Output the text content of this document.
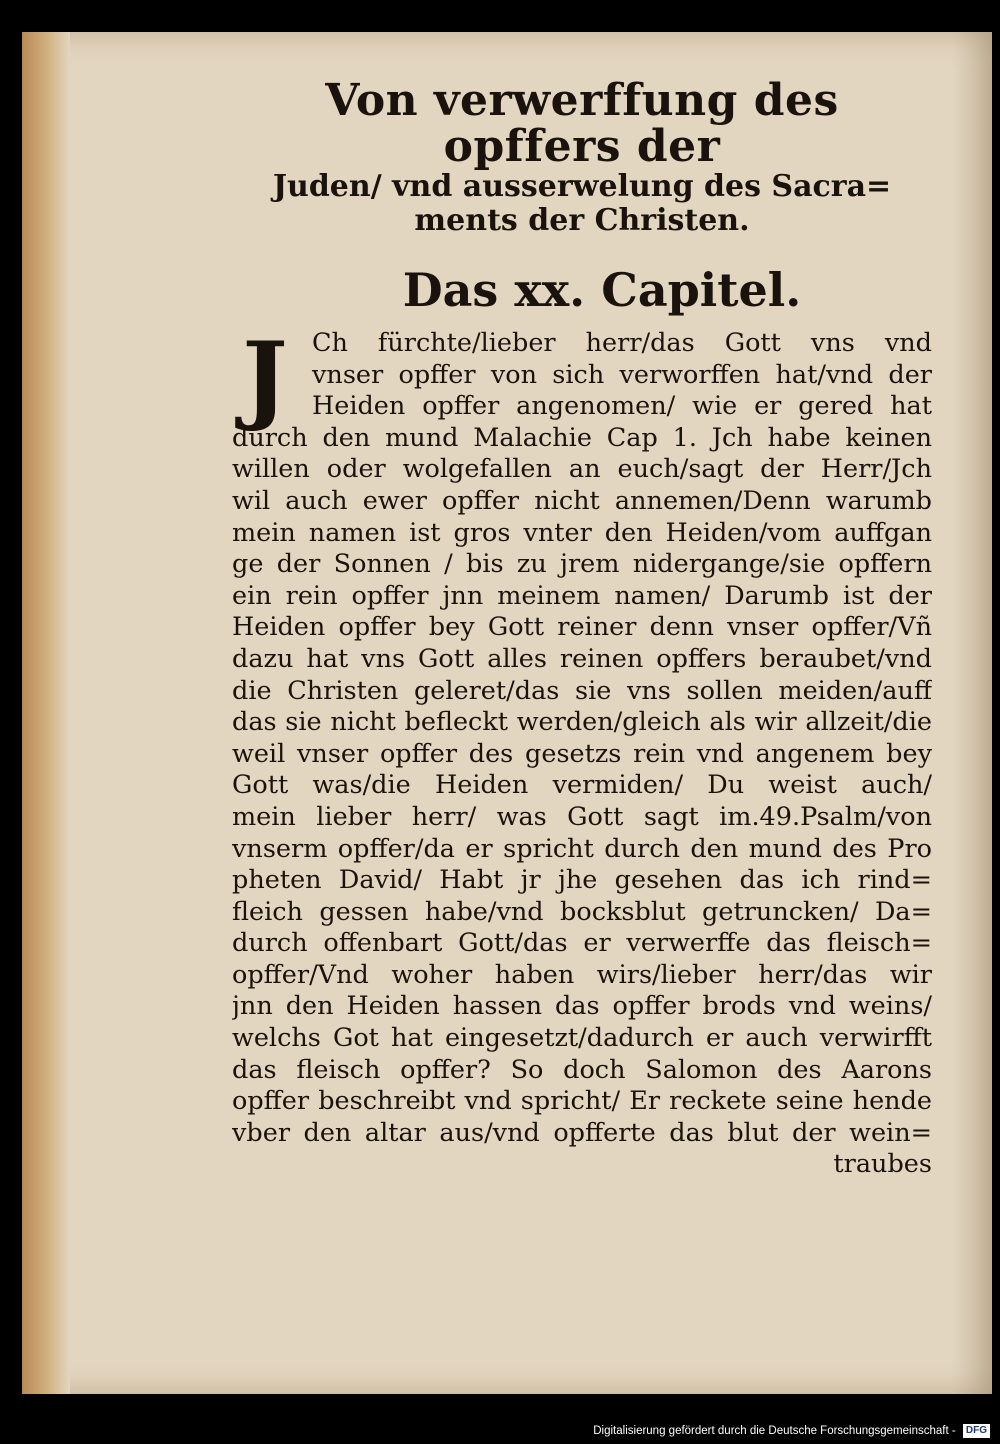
Von verwerffung des opffers der
Juden/ vnd ausserwelung des Sacra=
ments der Christen.
Das xx. Capitel.
J Ch fürchte/lieber herr/das Gott vns vnd
vnser opffer von sich verworffen hat/vnd der
Heiden opffer angenomen/ wie er gered hat
durch den mund Malachie Cap 1. Jch habe keinen
willen oder wolgefallen an euch/sagt der Herr/Jch
wil auch ewer opffer nicht annemen/Denn warumb
mein namen ist gros vnter den Heiden/vom auffgan
ge der Sonnen / bis zu jrem nidergange/sie opffern
ein rein opffer jnn meinem namen/ Darumb ist der
Heiden opffer bey Gott reiner denn vnser opffer/Vñ
dazu hat vns Gott alles reinen opffers beraubet/vnd
die Christen geleret/das sie vns sollen meiden/auff
das sie nicht befleckt werden/gleich als wir allzeit/die
weil vnser opffer des gesetzs rein vnd angenem bey
Gott was/die Heiden vermiden/ Du weist auch/
mein lieber herr/ was Gott sagt im.49.Psalm/von
vnserm opffer/da er spricht durch den mund des Pro
pheten David/ Habt jr jhe gesehen das ich rind=
fleich gessen habe/vnd bocksblut getruncken/ Da=
durch offenbart Gott/das er verwerffe das fleisch=
opffer/Vnd woher haben wirs/lieber herr/das wir
jnn den Heiden hassen das opffer brods vnd weins/
welchs Got hat eingesetzt/dadurch er auch verwirfft
das fleisch opffer? So doch Salomon des Aarons
opffer beschreibt vnd spricht/ Er reckete seine hende
vber den altar aus/vnd opfferte das blut der wein=
traubes
Digitalisierung gefördert durch die Deutsche Forschungsgemeinschaft - DFG
